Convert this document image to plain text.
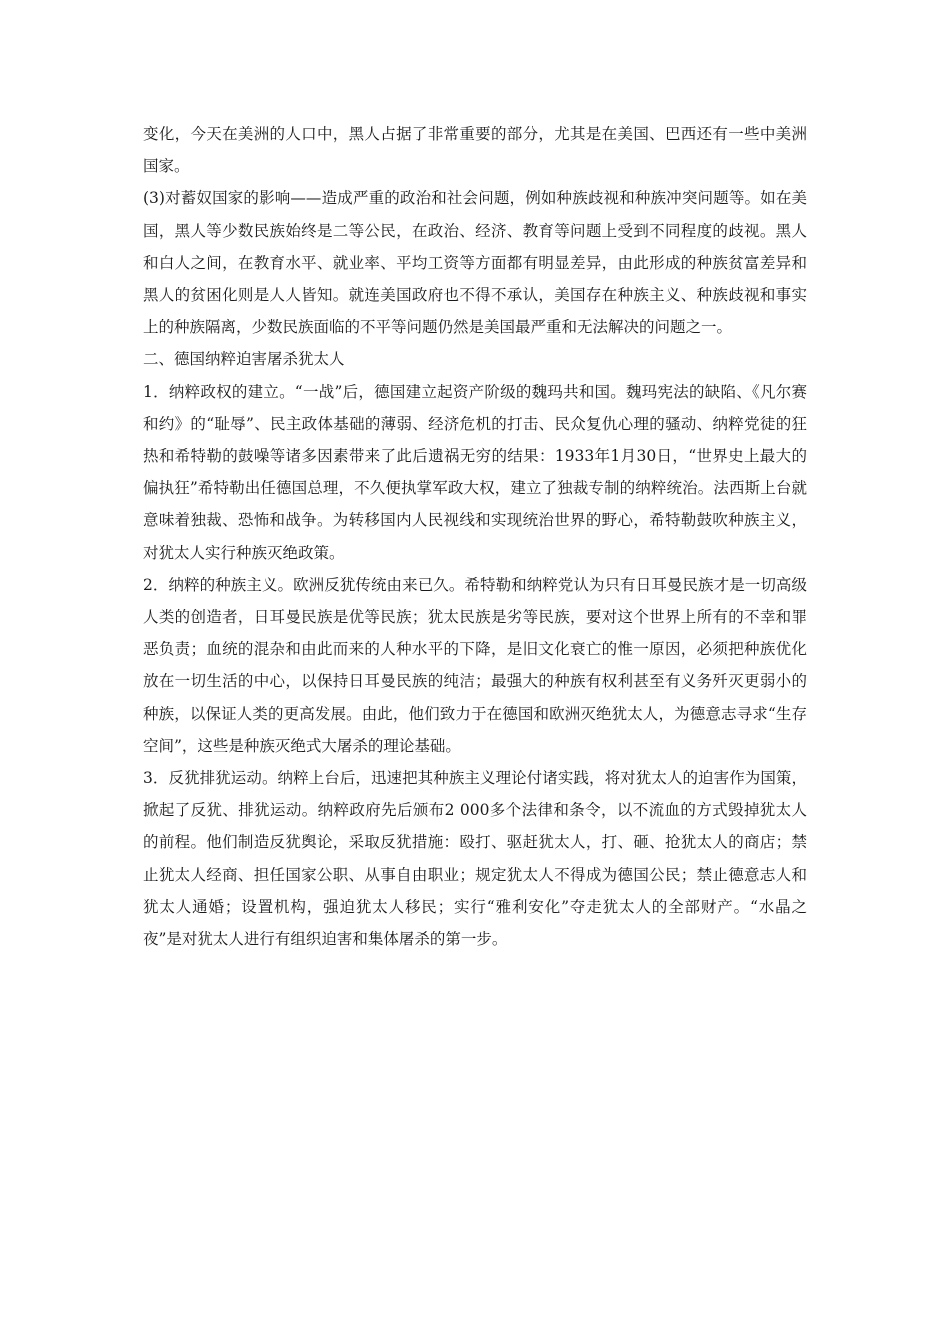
变化，今天在美洲的人口中，黑人占据了非常重要的部分，尤其是在美国、巴西还有一些中美洲国家。

(3)对蓄奴国家的影响——造成严重的政治和社会问题，例如种族歧视和种族冲突问题等。如在美国，黑人等少数民族始终是二等公民，在政治、经济、教育等问题上受到不同程度的歧视。黑人和白人之间，在教育水平、就业率、平均工资等方面都有明显差异，由此形成的种族贫富差异和黑人的贫困化则是人人皆知。就连美国政府也不得不承认，美国存在种族主义、种族歧视和事实上的种族隔离，少数民族面临的不平等问题仍然是美国最严重和无法解决的问题之一。

二、德国纳粹迫害屠杀犹太人

1．纳粹政权的建立。“一战”后，德国建立起资产阶级的魏玛共和国。魏玛宪法的缺陷、《凡尔赛和约》的“耻辱”、民主政体基础的薄弱、经济危机的打击、民众复仇心理的骚动、纳粹党徒的狂热和希特勒的鼓噪等诸多因素带来了此后遗祸无穷的结果：1933年1月30日，“世界史上最大的偏执狂”希特勒出任德国总理，不久便执掌军政大权，建立了独裁专制的纳粹统治。法西斯上台就意味着独裁、恐怖和战争。为转移国内人民视线和实现统治世界的野心，希特勒鼓吹种族主义，对犹太人实行种族灭绝政策。

2．纳粹的种族主义。欧洲反犹传统由来已久。希特勒和纳粹党认为只有日耳曼民族才是一切高级人类的创造者，日耳曼民族是优等民族；犹太民族是劣等民族，要对这个世界上所有的不幸和罪恶负责；血统的混杂和由此而来的人种水平的下降，是旧文化衰亡的惟一原因，必须把种族优化放在一切生活的中心，以保持日耳曼民族的纯洁；最强大的种族有权利甚至有义务歼灭更弱小的种族，以保证人类的更高发展。由此，他们致力于在德国和欧洲灭绝犹太人，为德意志寻求“生存空间”，这些是种族灭绝式大屠杀的理论基础。

3．反犹排犹运动。纳粹上台后，迅速把其种族主义理论付诸实践，将对犹太人的迫害作为国策，掀起了反犹、排犹运动。纳粹政府先后颁布2 000多个法律和条令，以不流血的方式毁掉犹太人的前程。他们制造反犹舆论，采取反犹措施：殴打、驱赶犹太人，打、砸、抢犹太人的商店；禁止犹太人经商、担任国家公职、从事自由职业；规定犹太人不得成为德国公民；禁止德意志人和犹太人通婚；设置机构，强迫犹太人移民；实行“雅利安化”夺走犹太人的全部财产。“水晶之夜”是对犹太人进行有组织迫害和集体屠杀的第一步。
